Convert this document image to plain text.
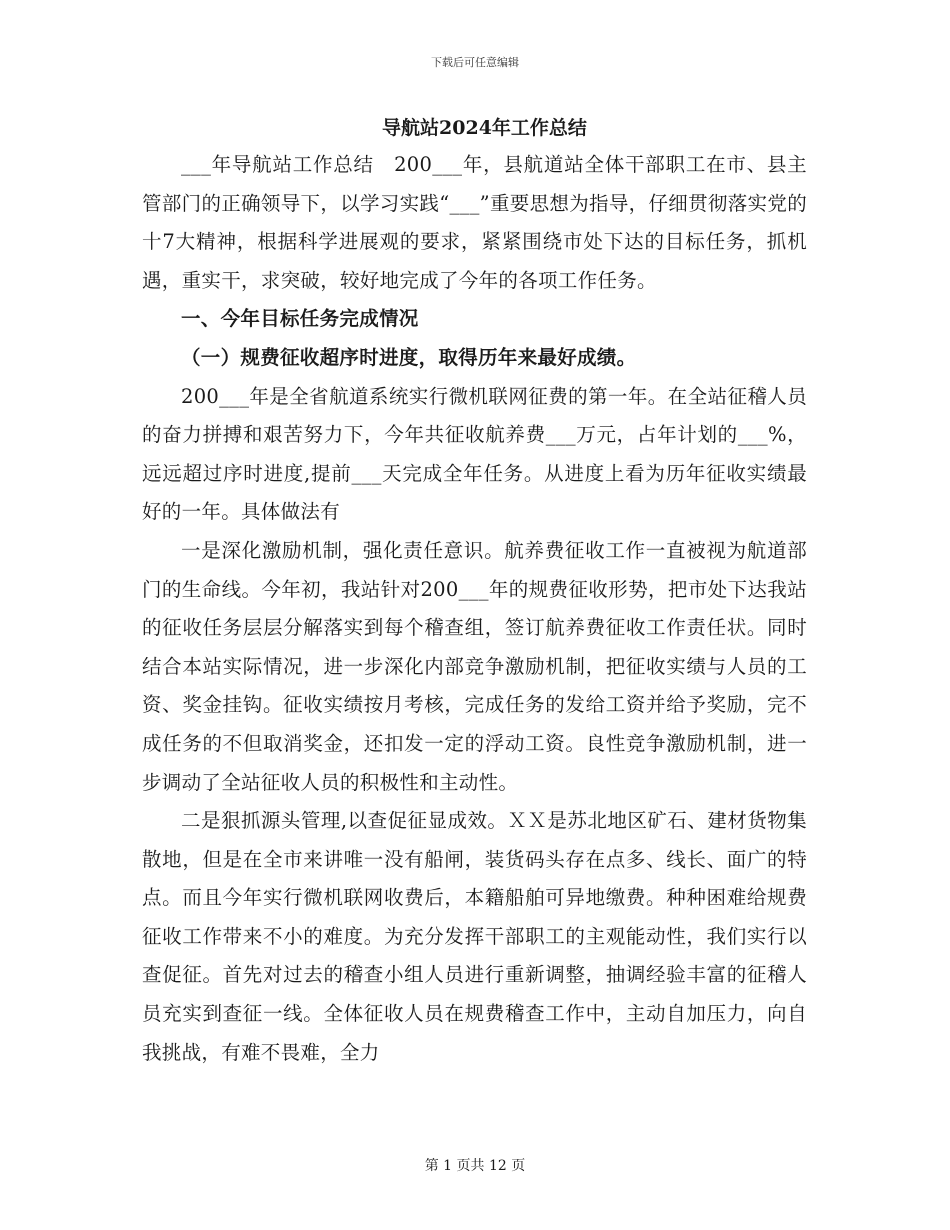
下载后可任意编辑
导航站2024年工作总结

___年导航站工作总结　200___年，县航道站全体干部职工在市、县主管部门的正确领导下，以学习实践“___”重要思想为指导，仔细贯彻落实党的十7大精神，根据科学进展观的要求，紧紧围绕市处下达的目标任务，抓机遇，重实干，求突破，较好地完成了今年的各项工作任务。

一、今年目标任务完成情况

（一）规费征收超序时进度，取得历年来最好成绩。

200___年是全省航道系统实行微机联网征费的第一年。在全站征稽人员的奋力拼搏和艰苦努力下，今年共征收航养费___万元，占年计划的___%，远远超过序时进度,提前___天完成全年任务。从进度上看为历年征收实绩最好的一年。具体做法有

一是深化激励机制，强化责任意识。航养费征收工作一直被视为航道部门的生命线。今年初，我站针对200___年的规费征收形势，把市处下达我站的征收任务层层分解落实到每个稽查组，签订航养费征收工作责任状。同时结合本站实际情况，进一步深化内部竞争激励机制，把征收实绩与人员的工资、奖金挂钩。征收实绩按月考核，完成任务的发给工资并给予奖励，完不成任务的不但取消奖金，还扣发一定的浮动工资。良性竞争激励机制，进一步调动了全站征收人员的积极性和主动性。

二是狠抓源头管理,以查促征显成效。ＸＸ是苏北地区矿石、建材货物集散地，但是在全市来讲唯一没有船闸，装货码头存在点多、线长、面广的特点。而且今年实行微机联网收费后，本籍船舶可异地缴费。种种困难给规费征收工作带来不小的难度。为充分发挥干部职工的主观能动性，我们实行以查促征。首先对过去的稽查小组人员进行重新调整，抽调经验丰富的征稽人员充实到查征一线。全体征收人员在规费稽查工作中，主动自加压力，向自我挑战，有难不畏难，全力

第 1 页共 12 页
